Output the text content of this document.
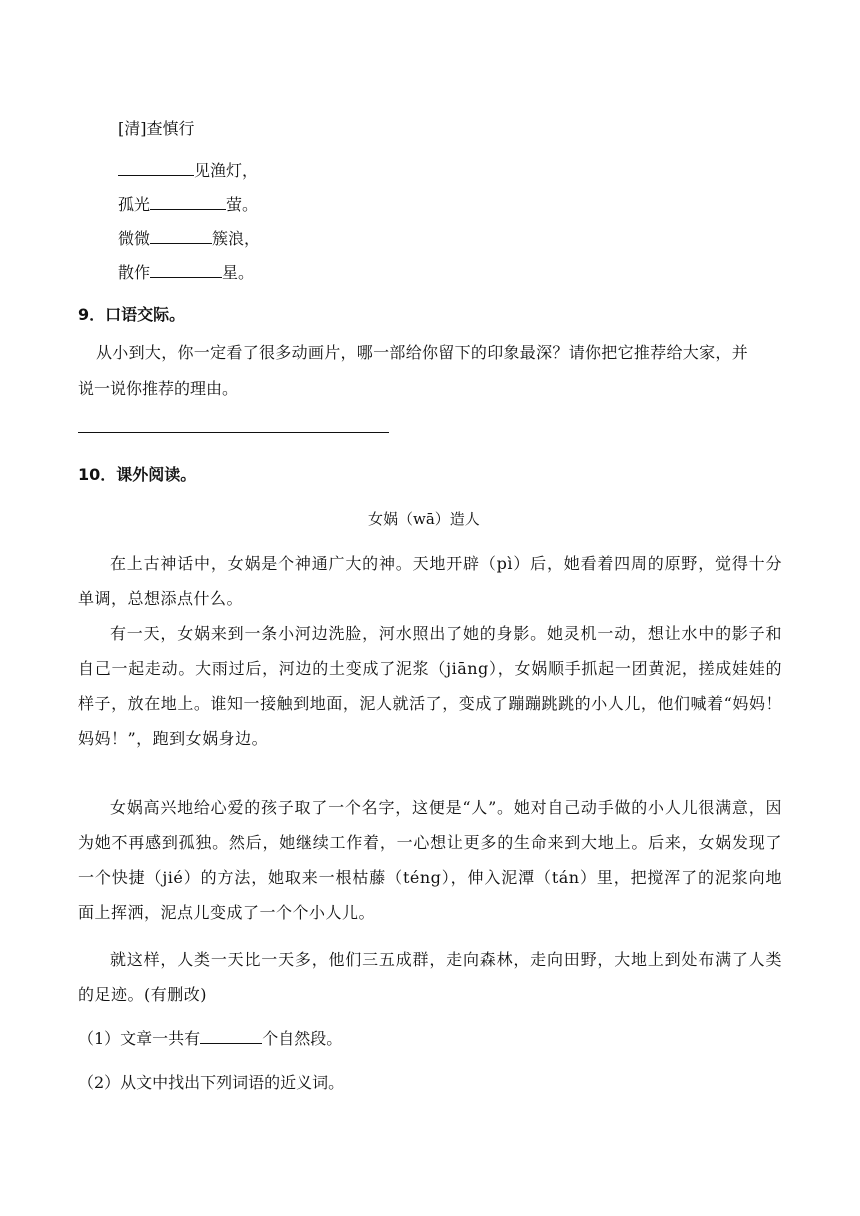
[清]查慎行
见渔灯，
孤光	萤。
微微	簇浪，
散作	星。
9．口语交际。
从小到大，你一定看了很多动画片，哪一部给你留下的印象最深？请你把它推荐给大家，并
说一说你推荐的理由。
10．课外阅读。
女娲（wā）造人
在上古神话中，女娲是个神通广大的神。天地开辟（pì）后，她看着四周的原野，觉得十分单调，总想添点什么。
有一天，女娲来到一条小河边洗脸，河水照出了她的身影。她灵机一动，想让水中的影子和自己一起走动。大雨过后，河边的土变成了泥浆（jiāng），女娲顺手抓起一团黄泥，搓成娃娃的样子，放在地上。谁知一接触到地面，泥人就活了，变成了蹦蹦跳跳的小人儿，他们喊着“妈妈！妈妈！”，跑到女娲身边。
女娲高兴地给心爱的孩子取了一个名字，这便是“人”。她对自己动手做的小人儿很满意，因为她不再感到孤独。然后，她继续工作着，一心想让更多的生命来到大地上。后来，女娲发现了一个快捷（jié）的方法，她取来一根枯藤（téng），伸入泥潭（tán）里，把搅浑了的泥浆向地面上挥洒，泥点儿变成了一个个小人儿。
就这样，人类一天比一天多，他们三五成群，走向森林，走向田野，大地上到处布满了人类的足迹。(有删改)
（1）文章一共有	个自然段。
（2）从文中找出下列词语的近义词。
